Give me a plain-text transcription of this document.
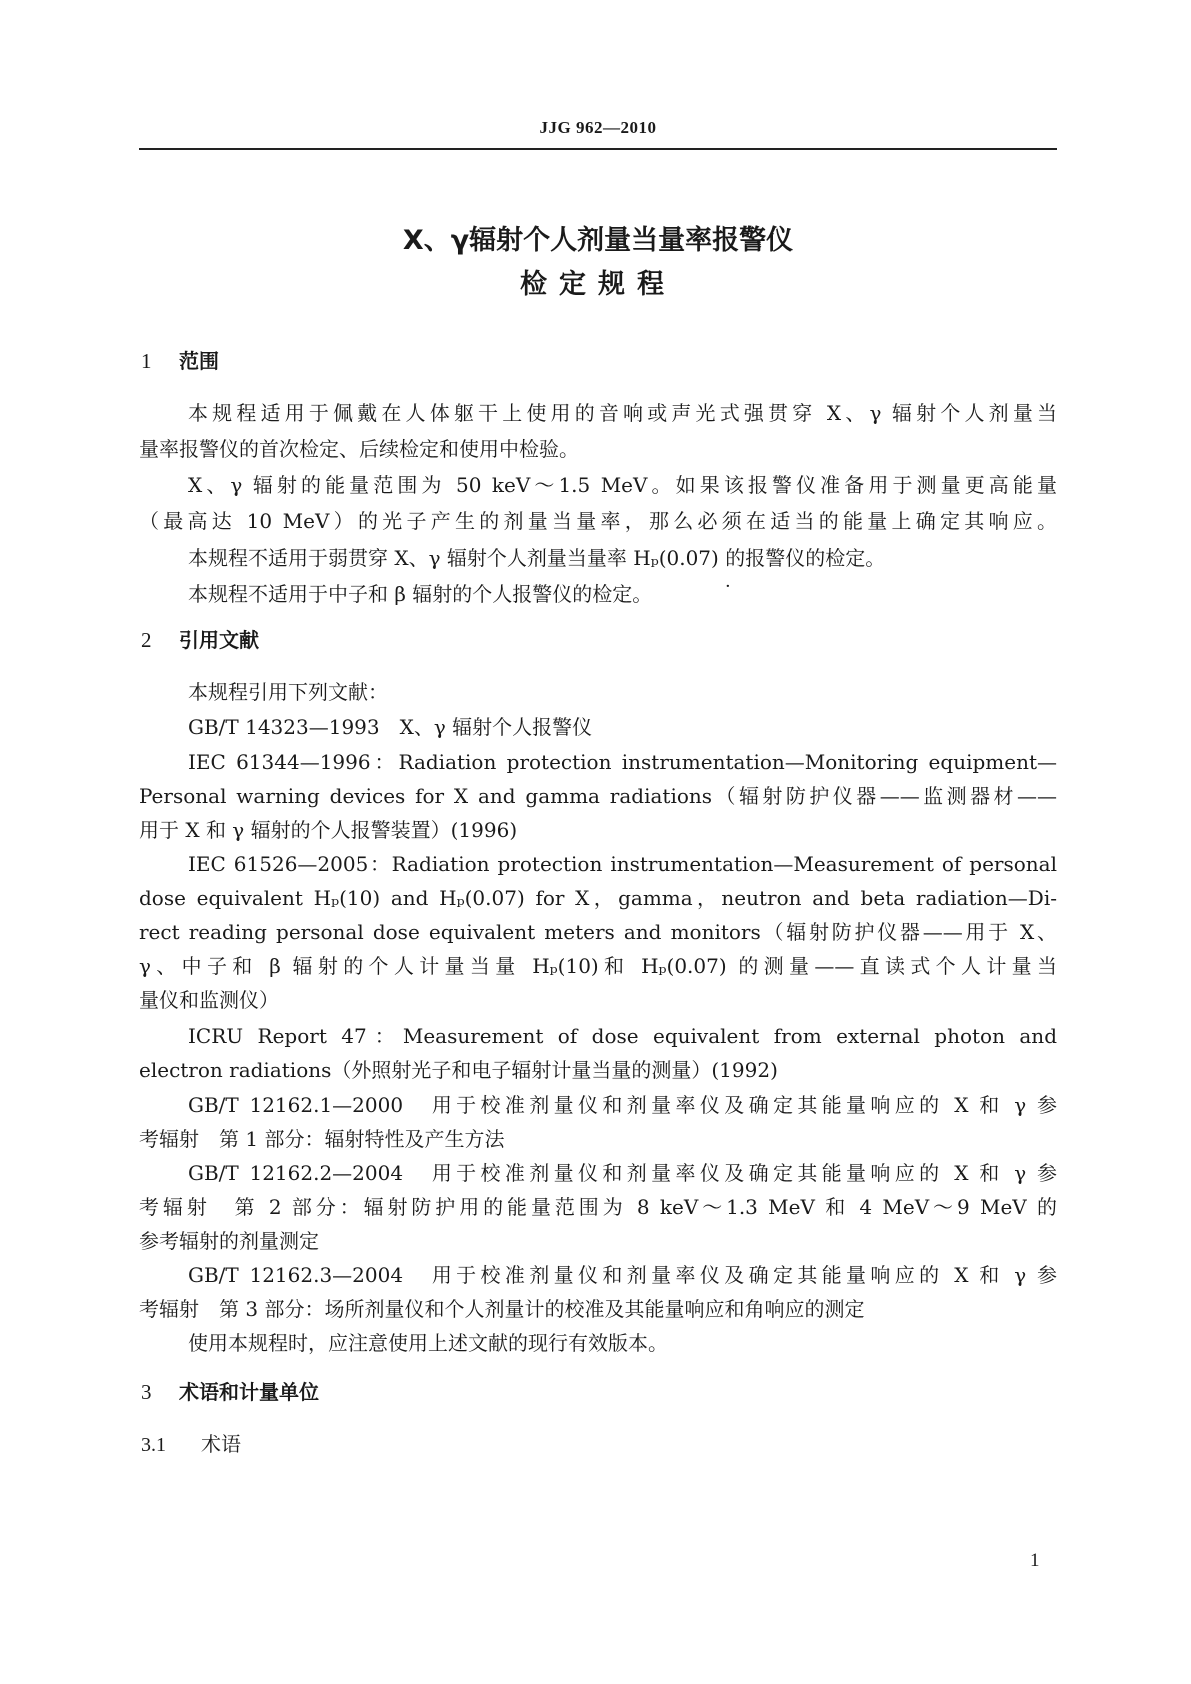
JJG 962—2010
X、γ辐射个人剂量当量率报警仪
检定规程
1 范围
本规程适用于佩戴在人体躯干上使用的音响或声光式强贯穿 X、γ 辐射个人剂量当
量率报警仪的首次检定、后续检定和使用中检验。
X、γ 辐射的能量范围为 50 keV～1.5 MeV。如果该报警仪准备用于测量更高能量
（最高达 10 MeV）的光子产生的剂量当量率，那么必须在适当的能量上确定其响应。
·
本规程不适用于弱贯穿 X、γ 辐射个人剂量当量率 Hₚ(0.07) 的报警仪的检定。
本规程不适用于中子和 β 辐射的个人报警仪的检定。
2 引用文献
本规程引用下列文献：
GB/T 14323—1993　X、γ 辐射个人报警仪
IEC 61344—1996：Radiation protection instrumentation—Monitoring equipment—
Personal warning devices for X and gamma radiations（辐射防护仪器——监测器材——
用于 X 和 γ 辐射的个人报警装置）(1996)
IEC 61526—2005：Radiation protection instrumentation—Measurement of personal
dose equivalent Hₚ(10) and Hₚ(0.07) for X，gamma，neutron and beta radiation—Di-
rect reading personal dose equivalent meters and monitors（辐射防护仪器——用于 X、
γ、中子和 β 辐射的个人计量当量 Hₚ(10)和 Hₚ(0.07) 的测量——直读式个人计量当
量仪和监测仪）
ICRU Report 47：Measurement of dose equivalent from external photon and
electron radiations（外照射光子和电子辐射计量当量的测量）(1992)
GB/T 12162.1—2000　用于校准剂量仪和剂量率仪及确定其能量响应的 X 和 γ 参
考辐射　第 1 部分：辐射特性及产生方法
GB/T 12162.2—2004　用于校准剂量仪和剂量率仪及确定其能量响应的 X 和 γ 参
考辐射　第 2 部分：辐射防护用的能量范围为 8 keV～1.3 MeV 和 4 MeV～9 MeV 的
参考辐射的剂量测定
GB/T 12162.3—2004　用于校准剂量仪和剂量率仪及确定其能量响应的 X 和 γ 参
考辐射　第 3 部分：场所剂量仪和个人剂量计的校准及其能量响应和角响应的测定
使用本规程时，应注意使用上述文献的现行有效版本。
3 术语和计量单位
3.1 术语
1
